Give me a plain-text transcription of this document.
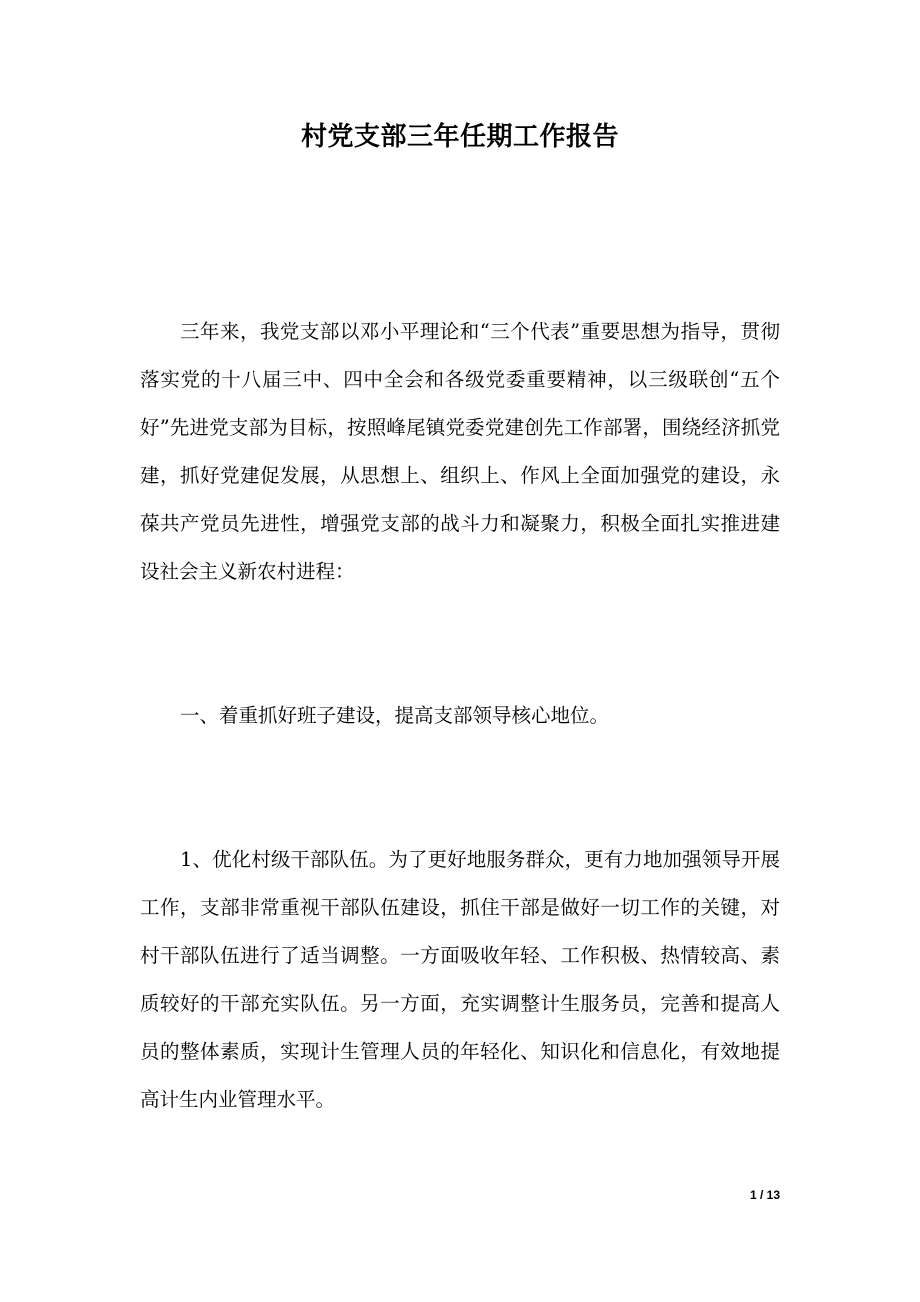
村党支部三年任期工作报告

三年来，我党支部以邓小平理论和“三个代表”重要思想为指导，贯彻落实党的十八届三中、四中全会和各级党委重要精神，以三级联创“五个好”先进党支部为目标，按照峰尾镇党委党建创先工作部署，围绕经济抓党建，抓好党建促发展，从思想上、组织上、作风上全面加强党的建设，永葆共产党员先进性，增强党支部的战斗力和凝聚力，积极全面扎实推进建设社会主义新农村进程：

一、着重抓好班子建设，提高支部领导核心地位。

1、优化村级干部队伍。为了更好地服务群众，更有力地加强领导开展工作，支部非常重视干部队伍建设，抓住干部是做好一切工作的关键，对村干部队伍进行了适当调整。一方面吸收年轻、工作积极、热情较高、素质较好的干部充实队伍。另一方面，充实调整计生服务员，完善和提高人员的整体素质，实现计生管理人员的年轻化、知识化和信息化，有效地提高计生内业管理水平。

1 / 13
